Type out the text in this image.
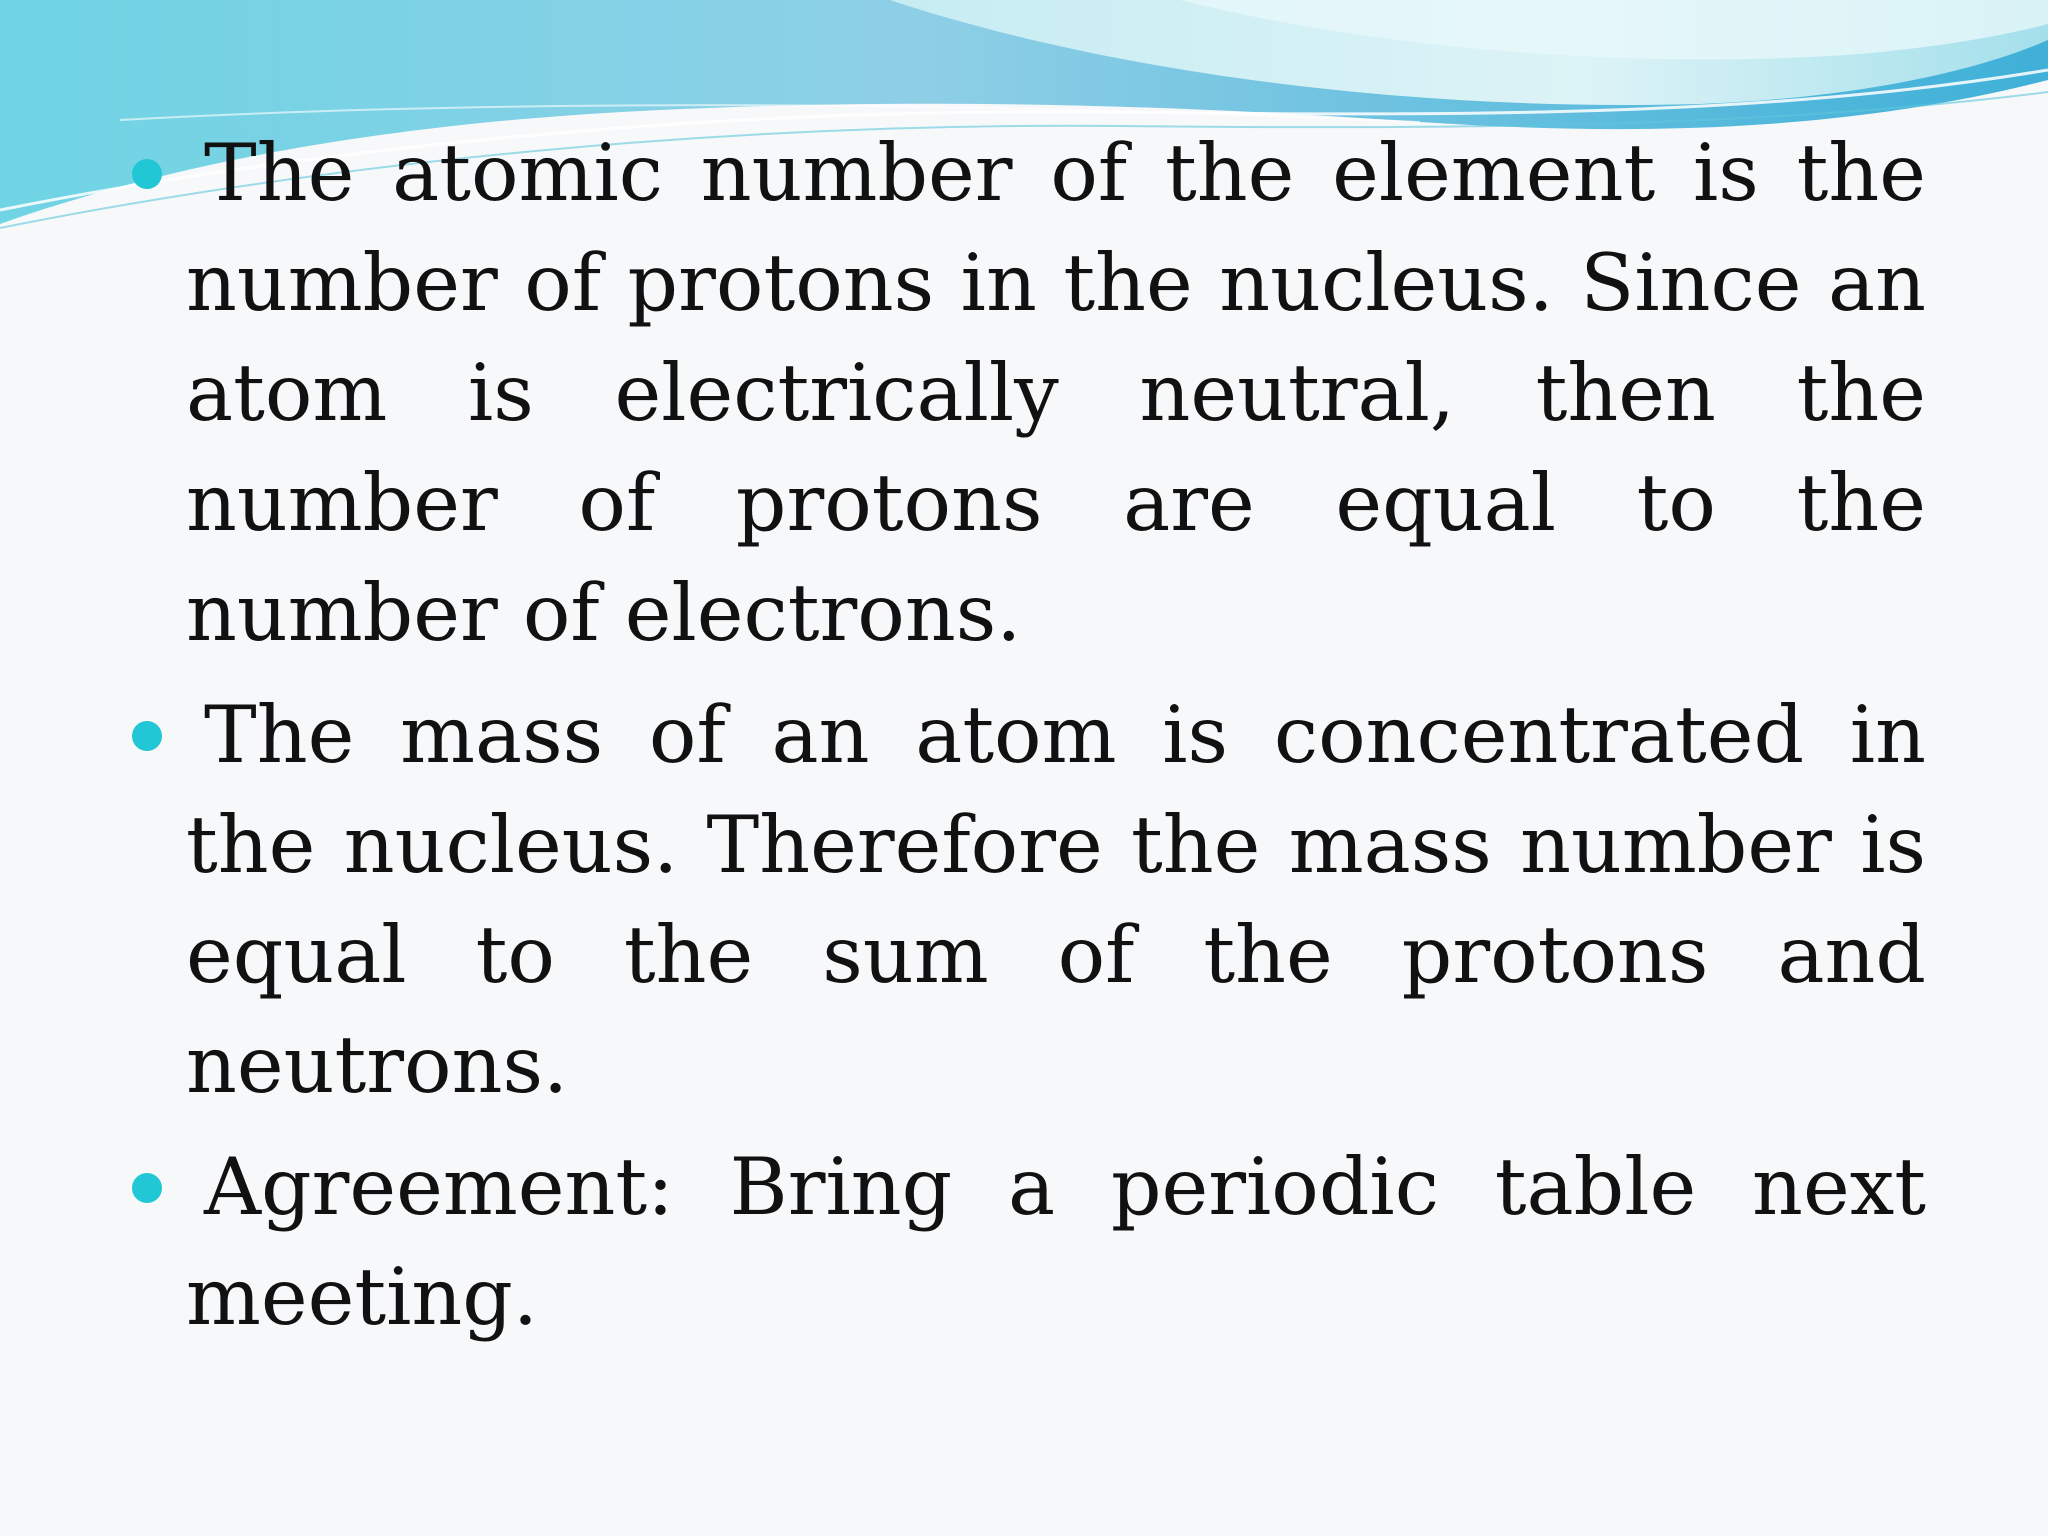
The atomic number of the element is the number of protons in the nucleus. Since an atom is electrically neutral, then the number of protons are equal to the number of electrons.
The mass of an atom is concentrated in the nucleus. Therefore the mass number is equal to the sum of the protons and neutrons.
Agreement: Bring a periodic table next meeting.
